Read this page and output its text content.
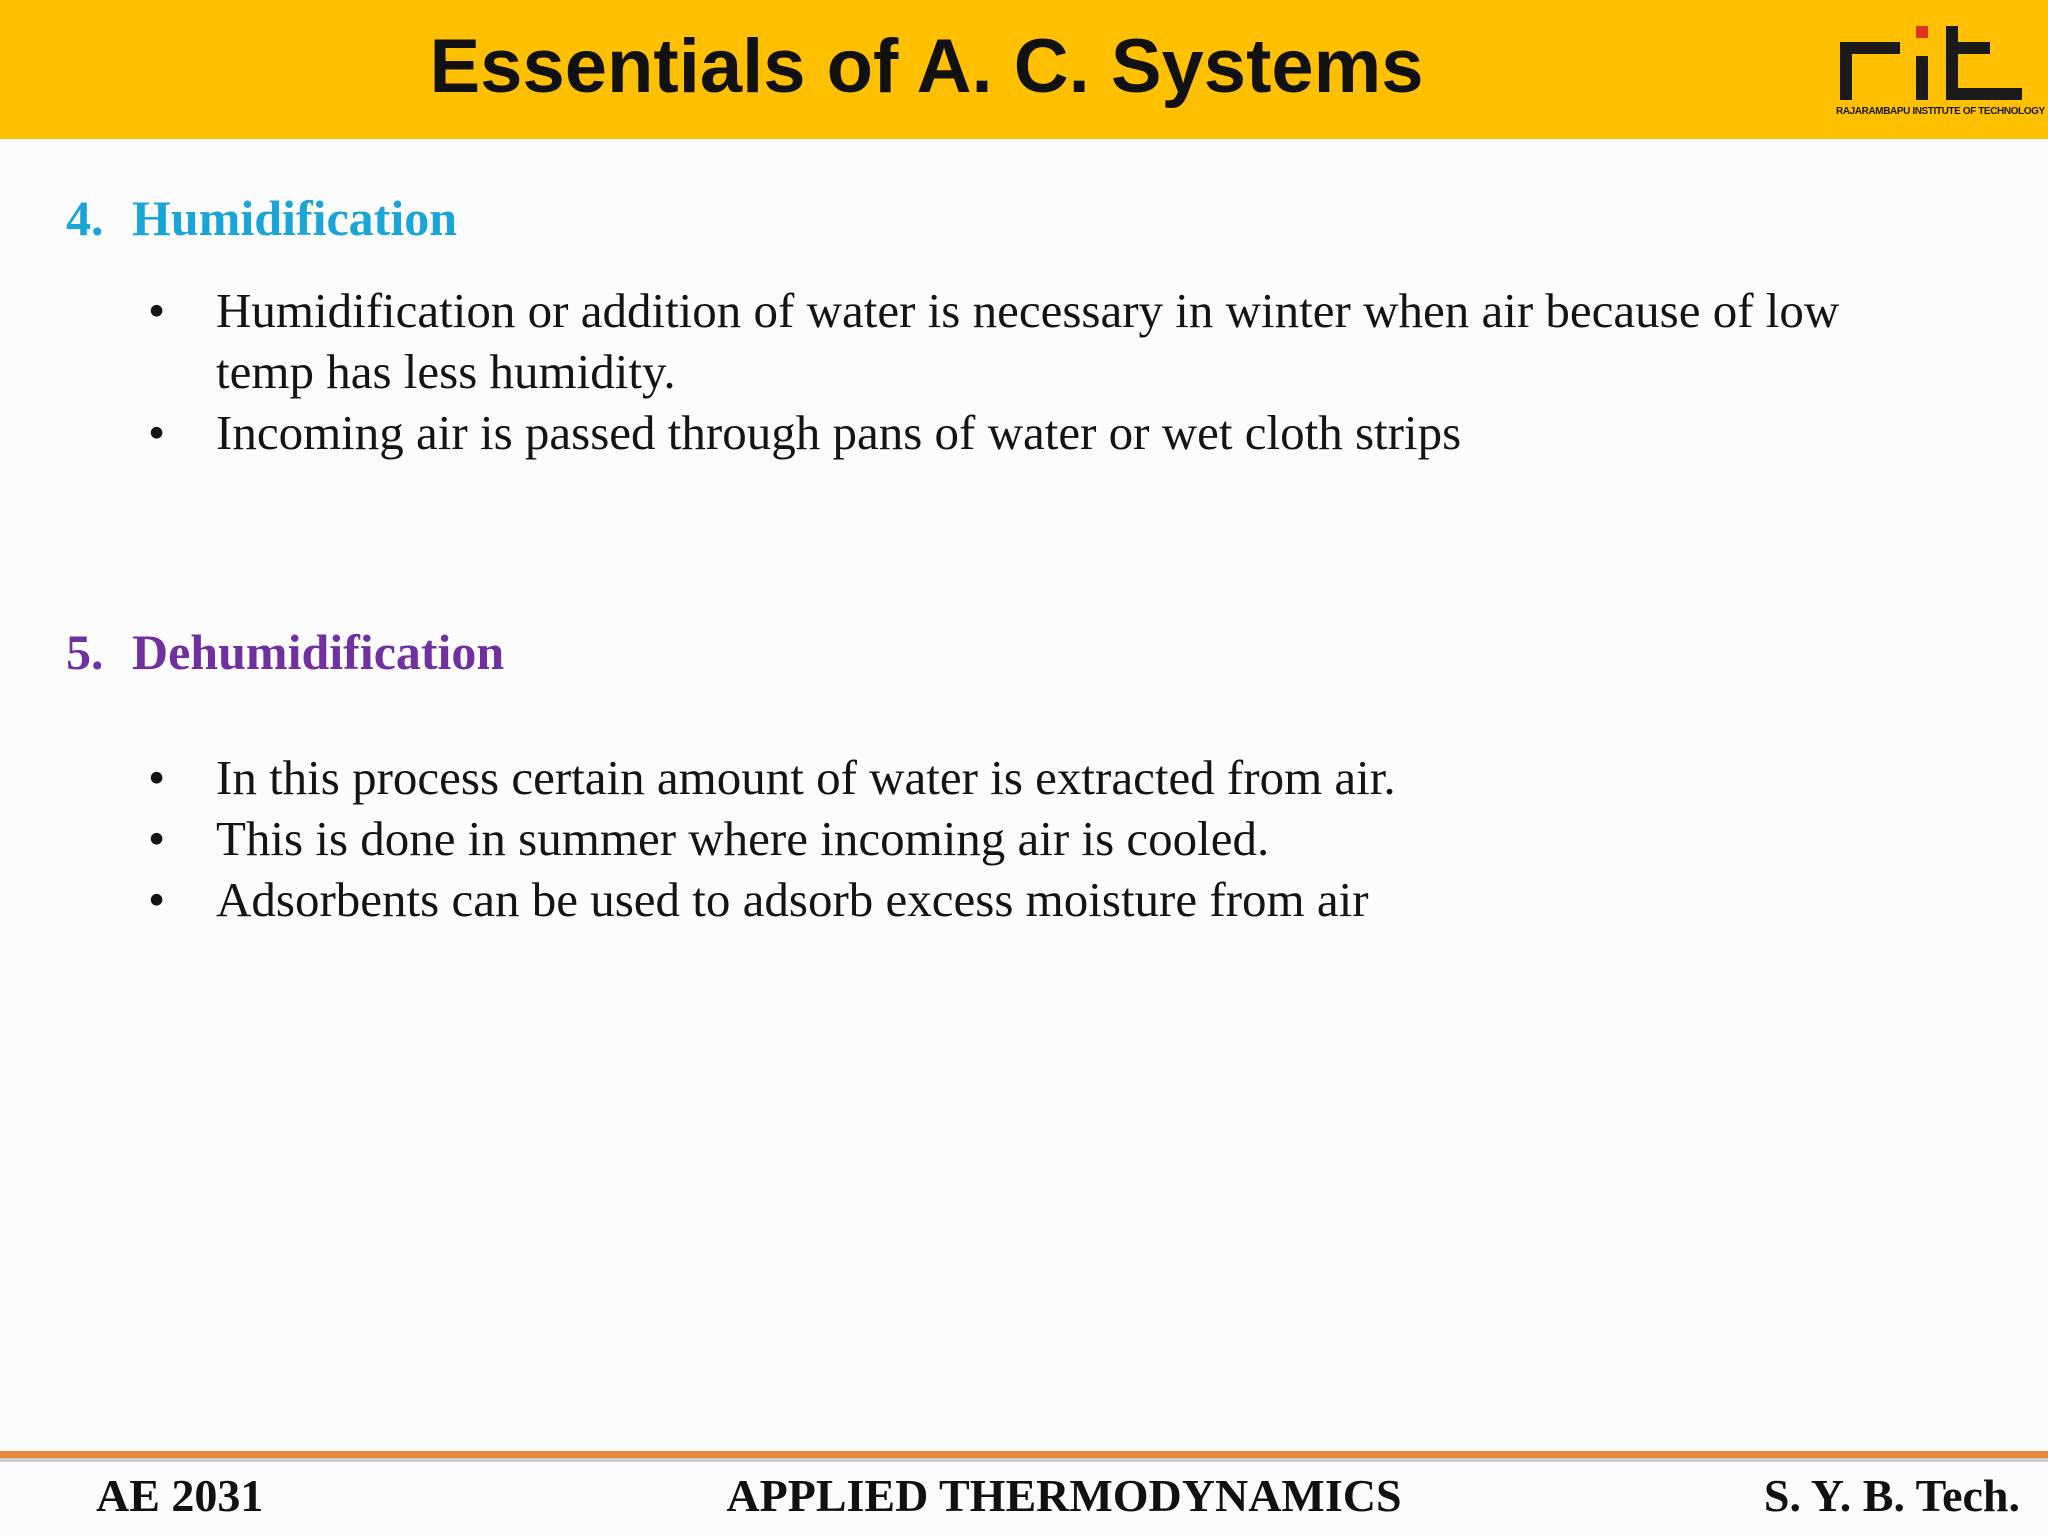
Essentials of A. C. Systems
RAJARAMBAPU INSTITUTE OF TECHNOLOGY
4. Humidification
• Humidification or addition of water is necessary in winter when air because of low temp has less humidity.
• Incoming air is passed through pans of water or wet cloth strips
5. Dehumidification
• In this process certain amount of water is extracted from air.
• This is done in summer where incoming air is cooled.
• Adsorbents can be used to adsorb excess moisture from air
AE 2031	APPLIED THERMODYNAMICS	S. Y. B. Tech.
